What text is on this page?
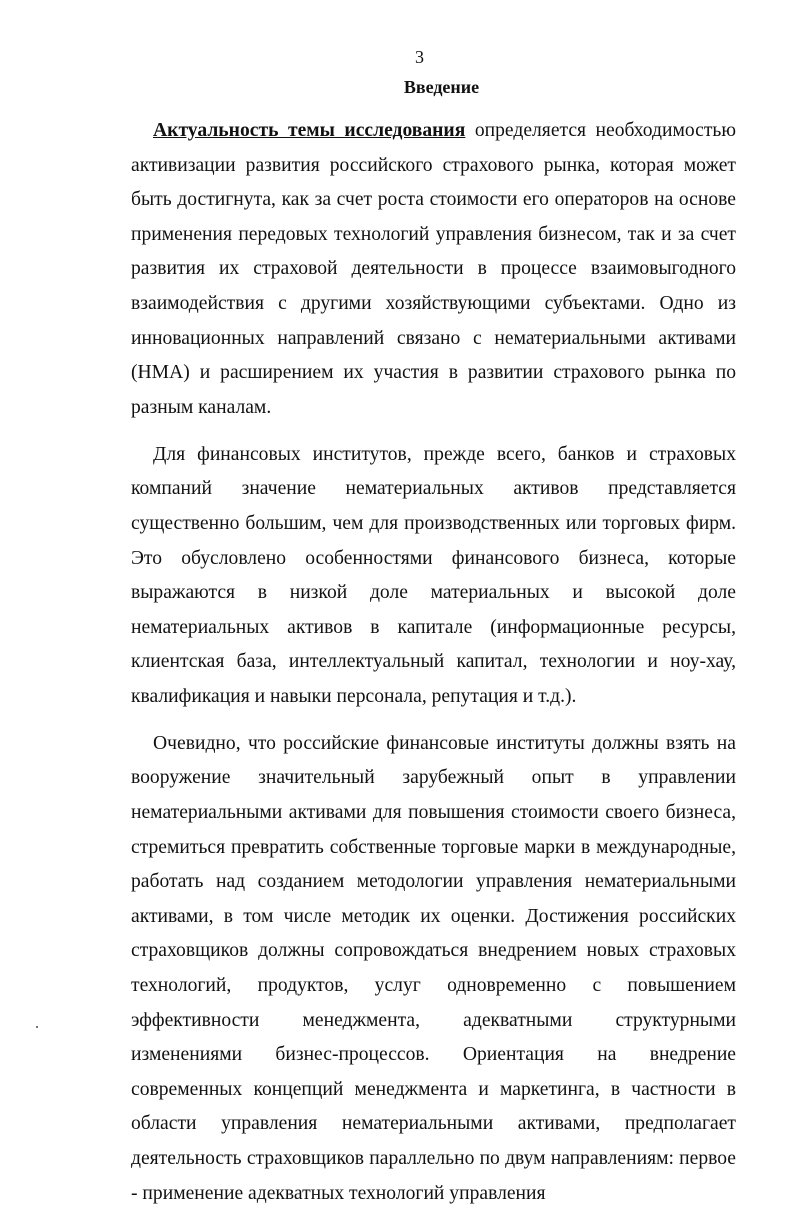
3
Введение

Актуальность темы исследования определяется необходимостью активизации развития российского страхового рынка, которая может быть достигнута, как за счет роста стоимости его операторов на основе применения передовых технологий управления бизнесом, так и за счет развития их страховой деятельности в процессе взаимовыгодного взаимодействия с другими хозяйствующими субъектами. Одно из инновационных направлений связано с нематериальными активами (НМА) и расширением их участия в развитии страхового рынка по разным каналам.

Для финансовых институтов, прежде всего, банков и страховых компаний значение нематериальных активов представляется существенно большим, чем для производственных или торговых фирм. Это обусловлено особенностями финансового бизнеса, которые выражаются в низкой доле материальных и высокой доле нематериальных активов в капитале (информационные ресурсы, клиентская база, интеллектуальный капитал, технологии и ноу-хау, квалификация и навыки персонала, репутация и т.д.).

Очевидно, что российские финансовые институты должны взять на вооружение значительный зарубежный опыт в управлении нематериальными активами для повышения стоимости своего бизнеса, стремиться превратить собственные торговые марки в международные, работать над созданием методологии управления нематериальными активами, в том числе методик их оценки. Достижения российских страховщиков должны сопровождаться внедрением новых страховых технологий, продуктов, услуг одновременно с повышением эффективности менеджмента, адекватными структурными изменениями бизнес-процессов. Ориентация на внедрение современных концепций менеджмента и маркетинга, в частности в области управления нематериальными активами, предполагает деятельность страховщиков параллельно по двум направлениям: первое - применение адекватных технологий управления
